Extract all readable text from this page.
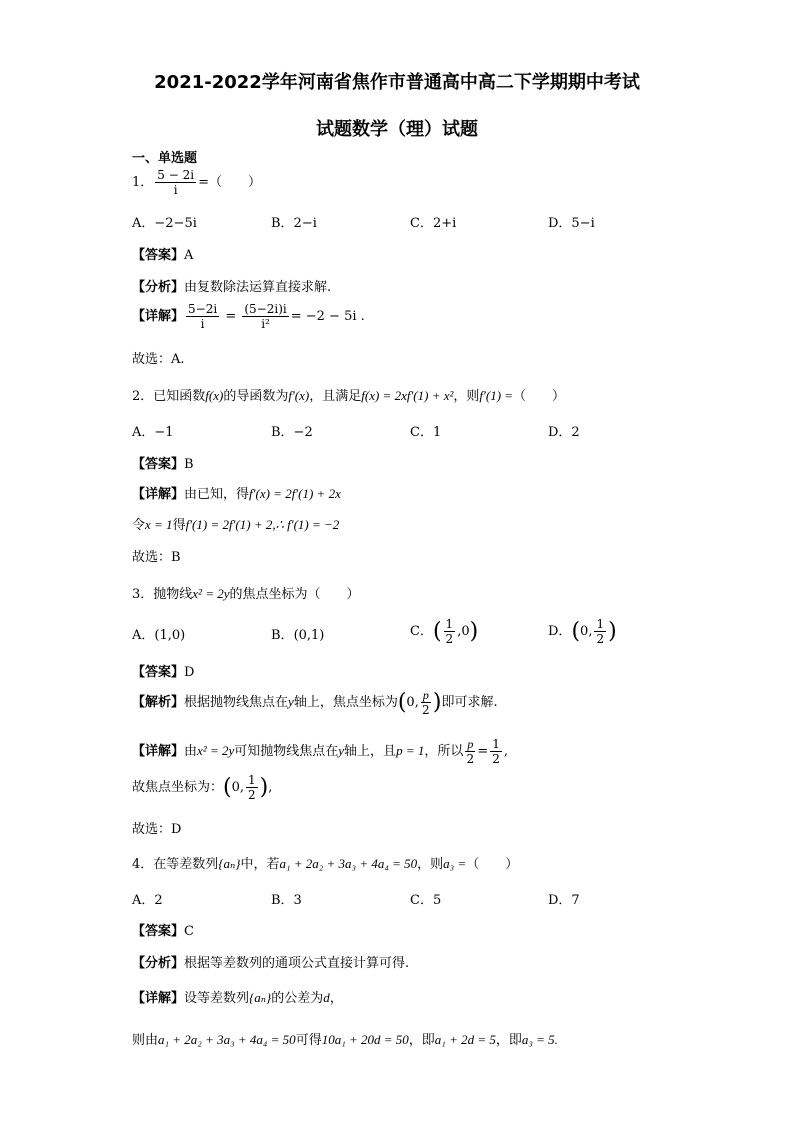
2021-2022学年河南省焦作市普通高中高二下学期期中考试
试题数学（理）试题
一、单选题
1． $\frac{5 - 2i}{i}$ =（　　）
A．−2−5i	B．2−i	C．2+i	D．5−i
【答案】A
【分析】由复数除法运算直接求解.
【详解】 $\frac{5-2i}{i} = \frac{(5-2i)i}{\text{i²}} = -2 - 5i$ .
故选：A.
2．已知函数f(x)的导函数为f′(x)，且满足f(x) = 2xf′(1) + x²，则f′(1) =（　　）
A．−1	B．−2	C．1	D．2
【答案】B
【详解】由已知，得f′(x) = 2f′(1) + 2x
令x = 1得f′(1) = 2f′(1) + 2,∴ f′(1) = −2
故选：B
3．抛物线x² = 2y的焦点坐标为（　　）
A．(1,0)	B．(0,1)	C．( $\frac{1}{2} ,0$)	D．(0, $\frac{1}{2}$ )
【答案】D
【解析】根据抛物线焦点在y轴上，焦点坐标为(0, $\frac{p}{2}$ )即可求解.
【详解】由x² = 2y可知抛物线焦点在y轴上，且p = 1，所以 $\frac{p}{2} = \frac{1}{2}$ ,
故焦点坐标为：(0, $\frac{1}{2}$ ),
故选：D
4．在等差数列{aₙ}中，若a₁ + 2a₂ + 3a₃ + 4a₄ = 50，则a₃ =（　　）
A．2	B．3	C．5	D．7
【答案】C
【分析】根据等差数列的通项公式直接计算可得.
【详解】设等差数列{aₙ}的公差为d，
则由a₁ + 2a₂ + 3a₃ + 4a₄ = 50可得10a₁ + 20d = 50，即a₁ + 2d = 5，即a₃ = 5.
